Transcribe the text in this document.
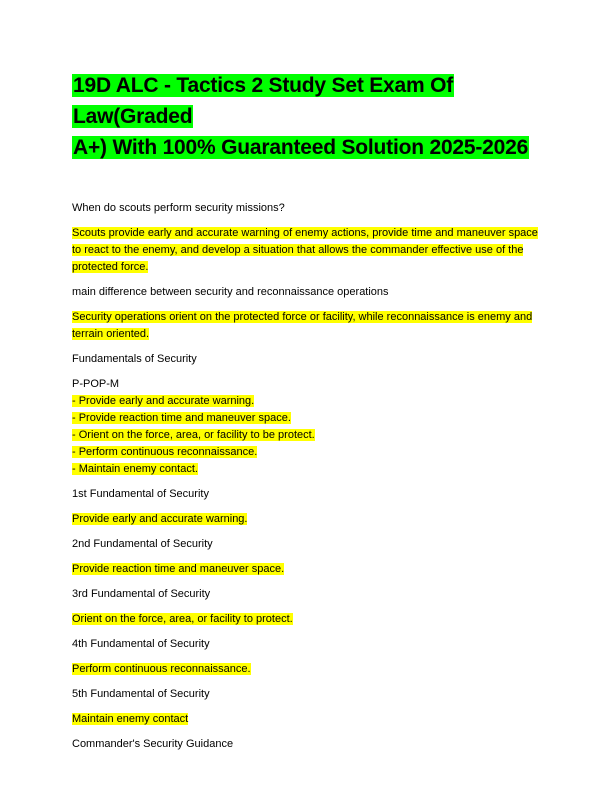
19D ALC - Tactics 2 Study Set Exam Of Law(Graded
A+) With 100% Guaranteed Solution 2025-2026

When do scouts perform security missions?

Scouts provide early and accurate warning of enemy actions, provide time and maneuver space
to react to the enemy, and develop a situation that allows the commander effective use of the
protected force.

main difference between security and reconnaissance operations

Security operations orient on the protected force or facility, while reconnaissance is enemy and
terrain oriented.

Fundamentals of Security

P-POP-M
- Provide early and accurate warning.
- Provide reaction time and maneuver space.
- Orient on the force, area, or facility to be protect.
- Perform continuous reconnaissance.
- Maintain enemy contact.

1st Fundamental of Security

Provide early and accurate warning.

2nd Fundamental of Security

Provide reaction time and maneuver space.

3rd Fundamental of Security

Orient on the force, area, or facility to protect.

4th Fundamental of Security

Perform continuous reconnaissance.

5th Fundamental of Security

Maintain enemy contact

Commander's Security Guidance
